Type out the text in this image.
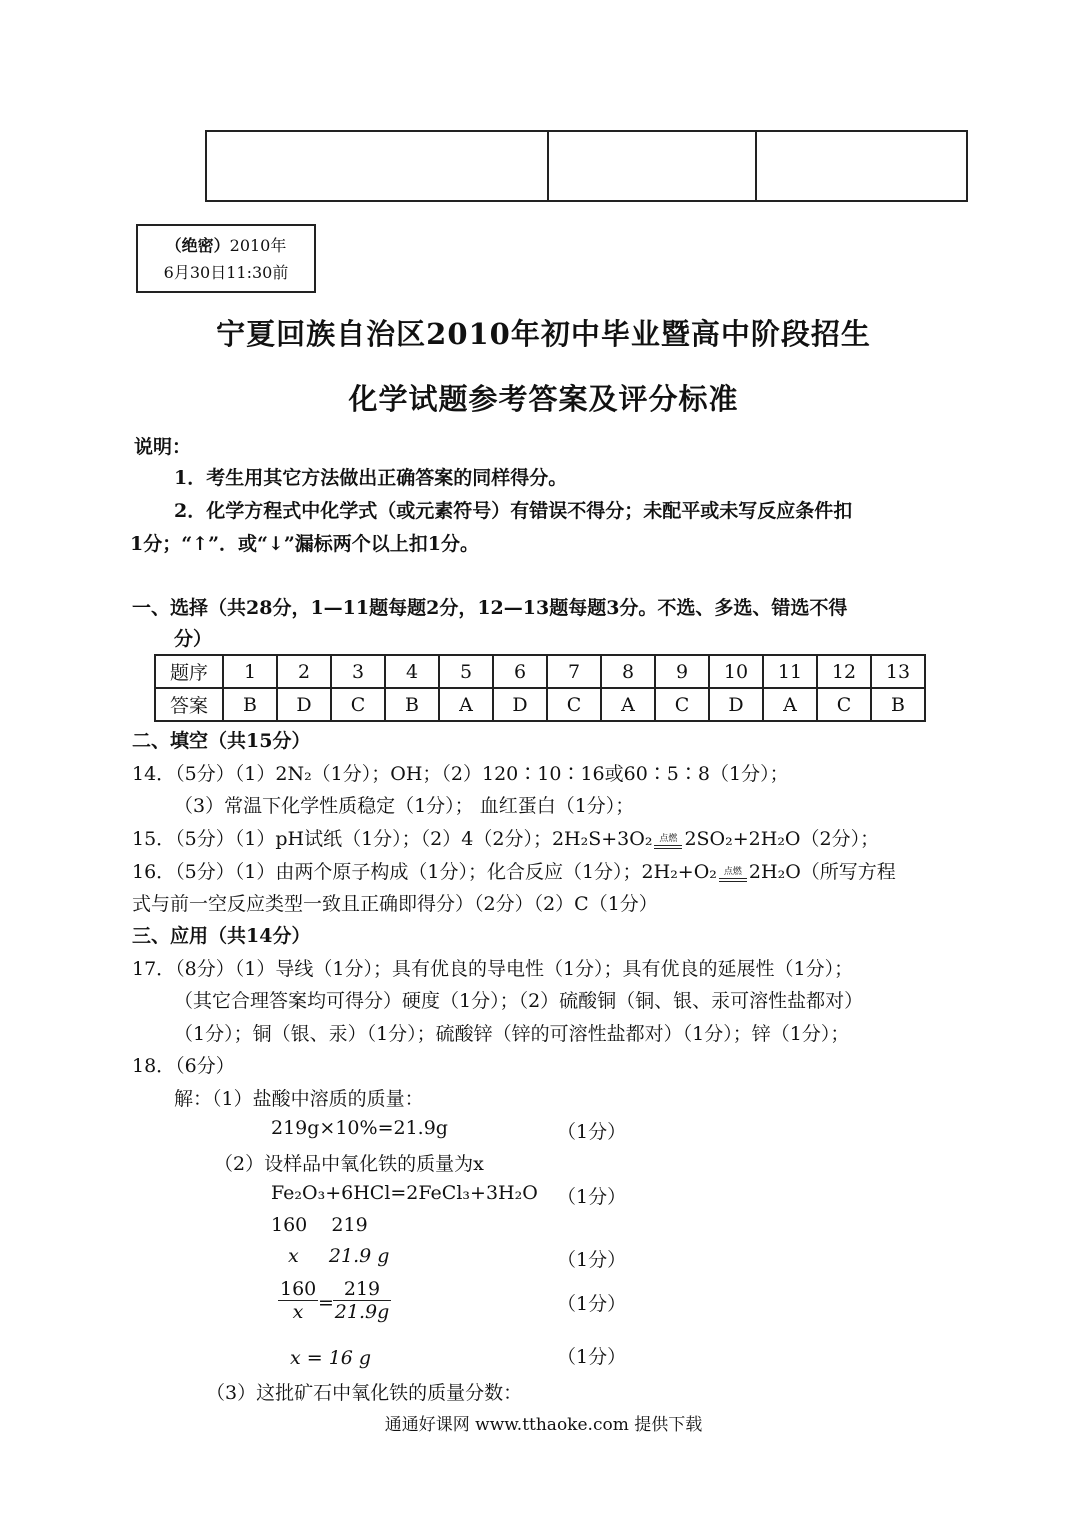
（绝密）2010年
6月30日11:30前
宁夏回族自治区2010年初中毕业暨高中阶段招生
化学试题参考答案及评分标准
说明：
1．考生用其它方法做出正确答案的同样得分。
2．化学方程式中化学式（或元素符号）有错误不得分；未配平或未写反应条件扣
1分；“↑”．或“↓”漏标两个以上扣1分。
一、选择（共28分，1—11题每题2分，12—13题每题3分。不选、多选、错选不得
分）
题序	1	2	3	4	5	6	7	8	9	10	11	12	13
答案	B	D	C	B	A	D	C	A	C	D	A	C	B
二、填空（共15分）
14．（5分）（1）2N₂（1分）；OH；（2）120∶10∶16或60∶5∶8（1分）；
（3）常温下化学性质稳定（1分）； 血红蛋白（1分）；
15．（5分）（1）pH试纸（1分）；（2）4（2分）；2H₂S+3O₂ 点燃 2SO₂+2H₂O（2分）；
16．（5分）（1）由两个原子构成（1分）；化合反应（1分）；2H₂+O₂ 点燃 2H₂O（所写方程
式与前一空反应类型一致且正确即得分）（2分）（2）C（1分）
三、应用（共14分）
17．（8分）（1）导线（1分）；具有优良的导电性（1分）；具有优良的延展性（1分）；
（其它合理答案均可得分）硬度（1分）；（2）硫酸铜（铜、银、汞可溶性盐都对）
（1分）；铜（银、汞）（1分）；硫酸锌（锌的可溶性盐都对）（1分）；锌（1分）；
18．（6分）
解：（1）盐酸中溶质的质量：
219g×10%=21.9g	（1分）
（2）设样品中氧化铁的质量为x
Fe₂O₃+6HCl=2FeCl₃+3H₂O （1分）
160    219
x     21.9 g	（1分）
$\frac{160}{x} = \frac{219}{21.9g}$	（1分）
x = 16 g	（1分）
（3）这批矿石中氧化铁的质量分数：
通通好课网 www.tthaoke.com 提供下载
